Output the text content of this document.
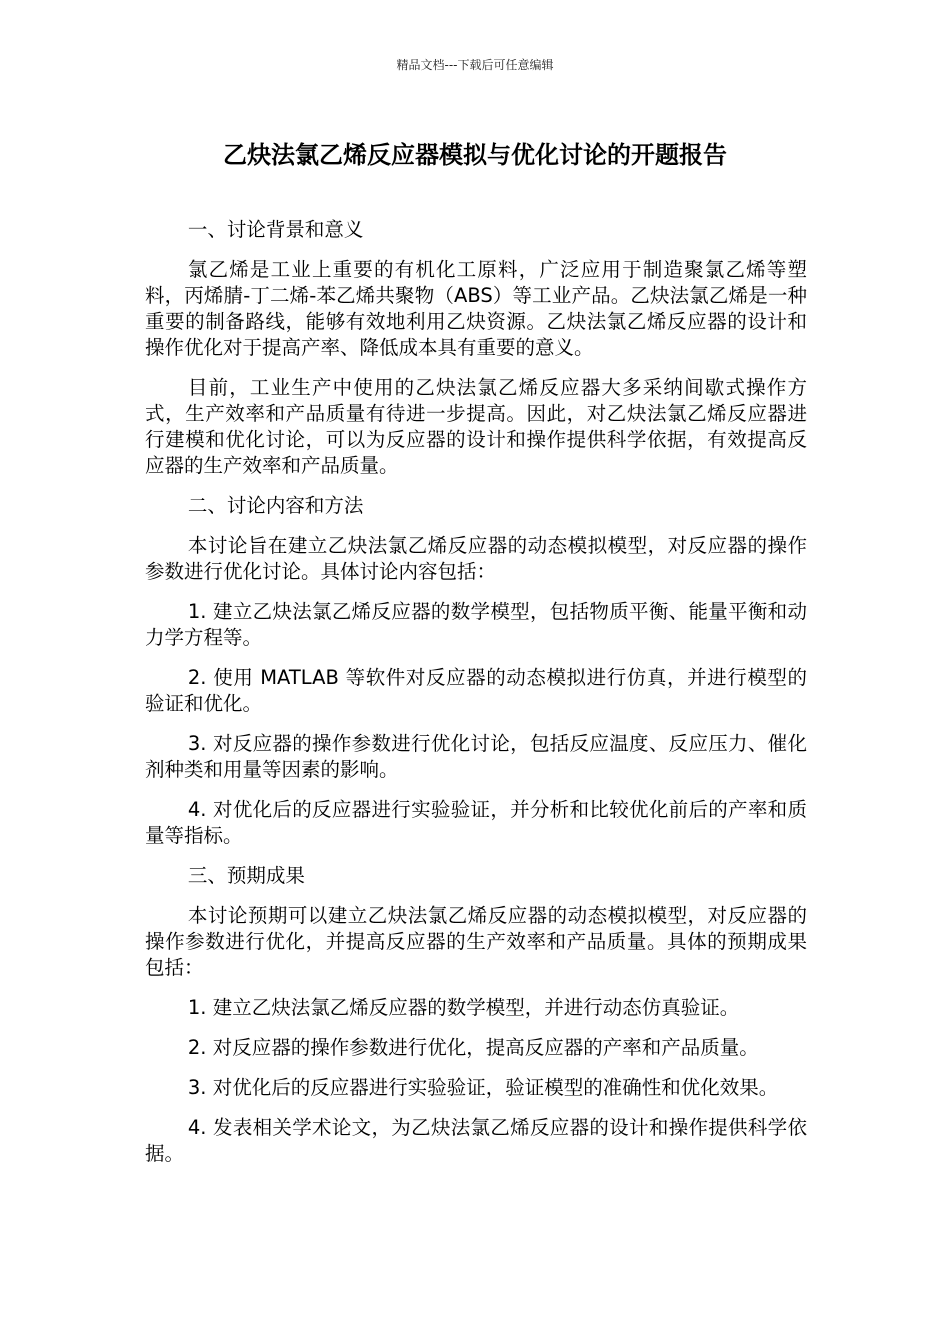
精品文档---下载后可任意编辑
乙炔法氯乙烯反应器模拟与优化讨论的开题报告

一、讨论背景和意义

氯乙烯是工业上重要的有机化工原料，广泛应用于制造聚氯乙烯等塑料，丙烯腈-丁二烯-苯乙烯共聚物（ABS）等工业产品。乙炔法氯乙烯是一种重要的制备路线，能够有效地利用乙炔资源。乙炔法氯乙烯反应器的设计和操作优化对于提高产率、降低成本具有重要的意义。

目前，工业生产中使用的乙炔法氯乙烯反应器大多采纳间歇式操作方式，生产效率和产品质量有待进一步提高。因此，对乙炔法氯乙烯反应器进行建模和优化讨论，可以为反应器的设计和操作提供科学依据，有效提高反应器的生产效率和产品质量。

二、讨论内容和方法

本讨论旨在建立乙炔法氯乙烯反应器的动态模拟模型，对反应器的操作参数进行优化讨论。具体讨论内容包括：

1. 建立乙炔法氯乙烯反应器的数学模型，包括物质平衡、能量平衡和动力学方程等。

2. 使用 MATLAB 等软件对反应器的动态模拟进行仿真，并进行模型的验证和优化。

3. 对反应器的操作参数进行优化讨论，包括反应温度、反应压力、催化剂种类和用量等因素的影响。

4. 对优化后的反应器进行实验验证，并分析和比较优化前后的产率和质量等指标。

三、预期成果

本讨论预期可以建立乙炔法氯乙烯反应器的动态模拟模型，对反应器的操作参数进行优化，并提高反应器的生产效率和产品质量。具体的预期成果包括：

1. 建立乙炔法氯乙烯反应器的数学模型，并进行动态仿真验证。

2. 对反应器的操作参数进行优化，提高反应器的产率和产品质量。

3. 对优化后的反应器进行实验验证，验证模型的准确性和优化效果。

4. 发表相关学术论文，为乙炔法氯乙烯反应器的设计和操作提供科学依据。
